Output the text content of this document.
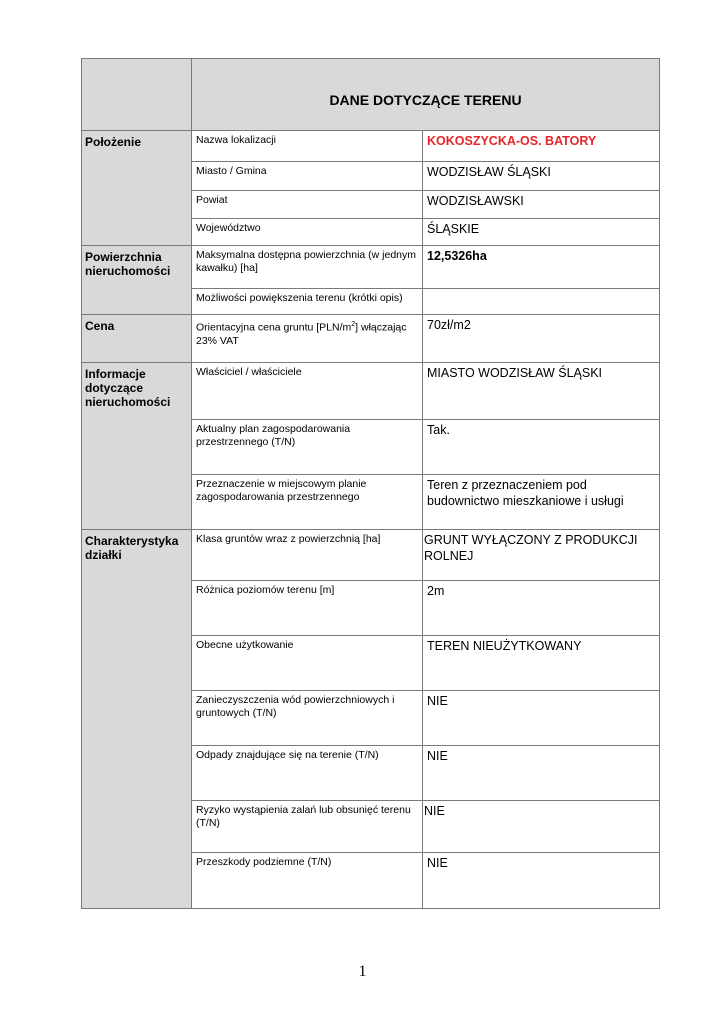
	DANE DOTYCZĄCE TERENU	
Położenie	Nazwa lokalizacji	KOKOSZYCKA-OS. BATORY
	Miasto / Gmina	WODZISŁAW ŚLĄSKI
	Powiat	WODZISŁAWSKI
	Województwo	ŚLĄSKIE
Powierzchnia nieruchomości	Maksymalna dostępna powierzchnia (w jednym kawałku) [ha]	12,5326ha
	Możliwości powiększenia terenu (krótki opis)	
Cena	Orientacyjna cena gruntu $[PLN/m^2]$ włączając 23% VAT	70zł/m2
Informacje dotyczące nieruchomości	Właściciel / właściciele	MIASTO WODZISŁAW ŚLĄSKI
	Aktualny plan zagospodarowania przestrzennego (T/N)	Tak.
	Przeznaczenie w miejscowym planie zagospodarowania przestrzennego	Teren z przeznaczeniem pod budownictwo mieszkaniowe i usługi
Charakterystyka działki	Klasa gruntów wraz z powierzchnią [ha]	GRUNT WYŁĄCZONY Z PRODUKCJI ROLNEJ
	Różnica poziomów terenu [m]	2m
	Obecne użytkowanie	TEREN NIEUŻYTKOWANY
	Zanieczyszczenia wód powierzchniowych i gruntowych (T/N)	NIE
	Odpady znajdujące się na terenie (T/N)	NIE
	Ryzyko wystąpienia zalań lub obsunięć terenu (T/N)	NIE
	Przeszkody podziemne (T/N)	NIE
1
